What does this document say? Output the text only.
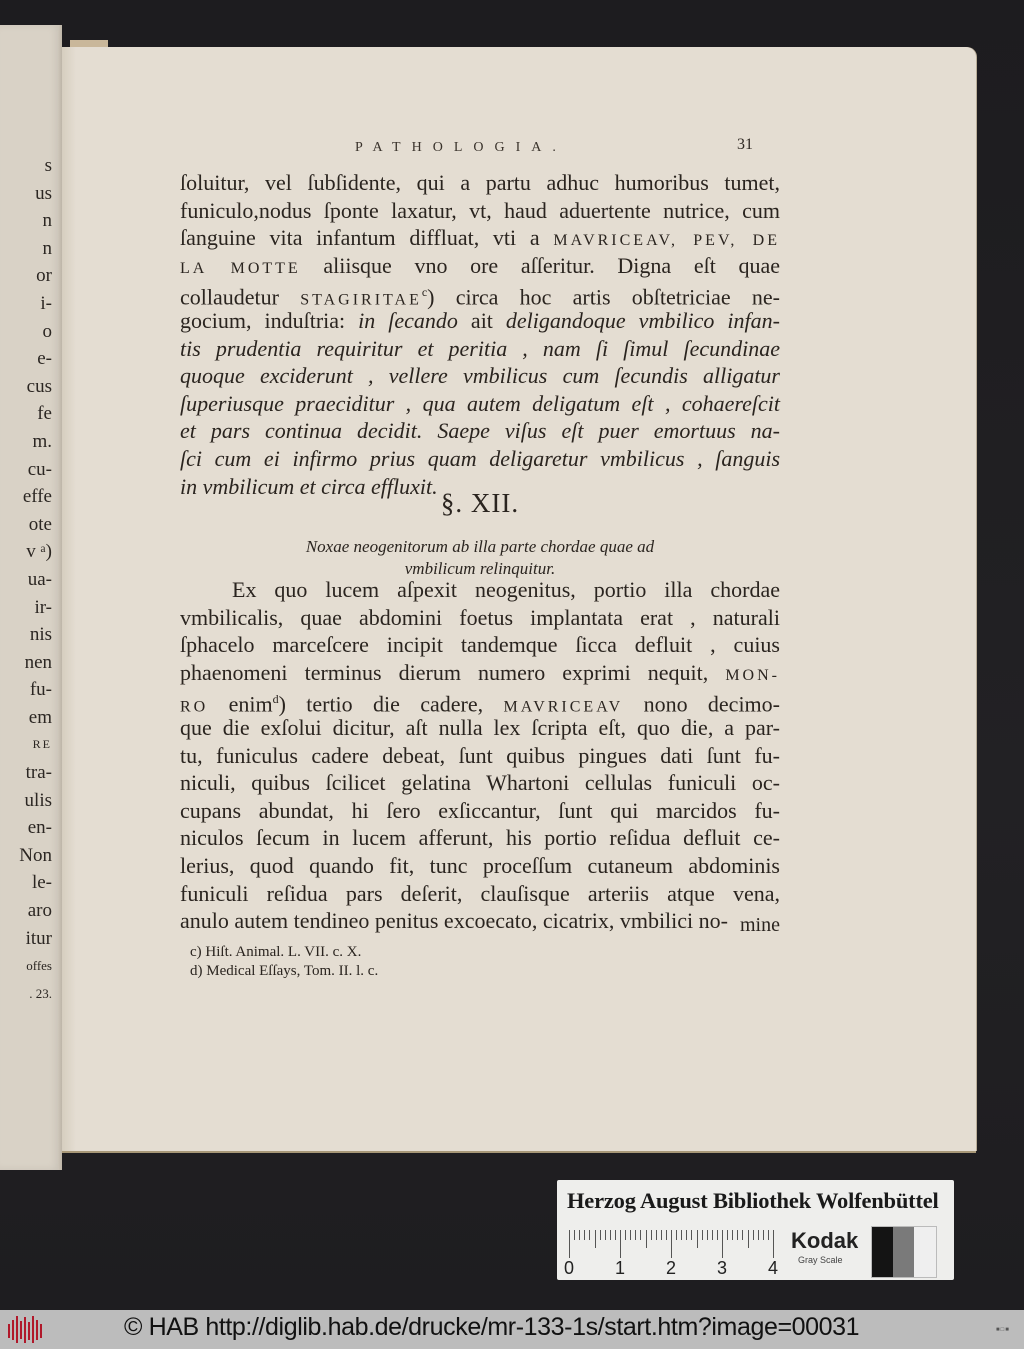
s
us
n
n
or
i-
o
e-
cus
fe
m.
cu-
effe
ote
v ᵃ)
ua-
ir-
nis
nen
fu-
em
RE
tra-
ulis
en-
Non
le-
aro
itur
offes
. 23.
PATHOLOGIA.	31
ſoluitur, vel ſubſidente, qui a partu adhuc humoribus tumet,
funiculo,nodus ſponte laxatur, vt, haud aduertente nutrice, cum
ſanguine vita infantum diffluat, vti a MAVRICEAV, PEV, DE
LA MOTTE aliisque vno ore aſſeritur. Digna eſt quae
collaudetur STAGIRITAE$^c$) circa hoc artis obſtetriciae ne-
gocium, induſtria: in ſecando ait deligandoque vmbilico infan-
tis prudentia requiritur et peritia , nam ſi ſimul ſecundinae
quoque exciderunt , vellere vmbilicus cum ſecundis alligatur
ſuperiusque praeciditur , qua autem deligatum eſt , cohaereſcit
et pars continua decidit. Saepe viſus eſt puer emortuus na-
ſci cum ei infirmo prius quam deligaretur vmbilicus , ſanguis
in vmbilicum et circa effluxit.
§. XII.
Noxae neogenitorum ab illa parte chordae quae ad
vmbilicum relinquitur.
Ex quo lucem aſpexit neogenitus, portio illa chordae
vmbilicalis, quae abdomini foetus implantata erat , naturali
ſphacelo marceſcere incipit tandemque ſicca defluit , cuius
phaenomeni terminus dierum numero exprimi nequit, MON-
RO enim$^d$) tertio die cadere, MAVRICEAV nono decimo-
que die exſolui dicitur, aſt nulla lex ſcripta eſt, quo die, a par-
tu, funiculus cadere debeat, ſunt quibus pingues dati ſunt fu-
niculi, quibus ſcilicet gelatina Whartoni cellulas funiculi oc-
cupans abundat, hi ſero exſiccantur, ſunt qui marcidos fu-
niculos ſecum in lucem afferunt, his portio reſidua defluit ce-
lerius, quod quando fit, tunc proceſſum cutaneum abdominis
funiculi reſidua pars deſerit, clauſisque arteriis atque vena,
anulo autem tendineo penitus excoecato, cicatrix, vmbilici no- mine
c) Hiſt. Animal. L. VII. c. X.
d) Medical Eſſays, Tom. II. l. c.
Herzog August Bibliothek Wolfenbüttel
0 1 2 3 4
Kodak
Gray Scale
© HAB http://diglib.hab.de/drucke/mr-133-1s/start.htm?image=00031	■□■
